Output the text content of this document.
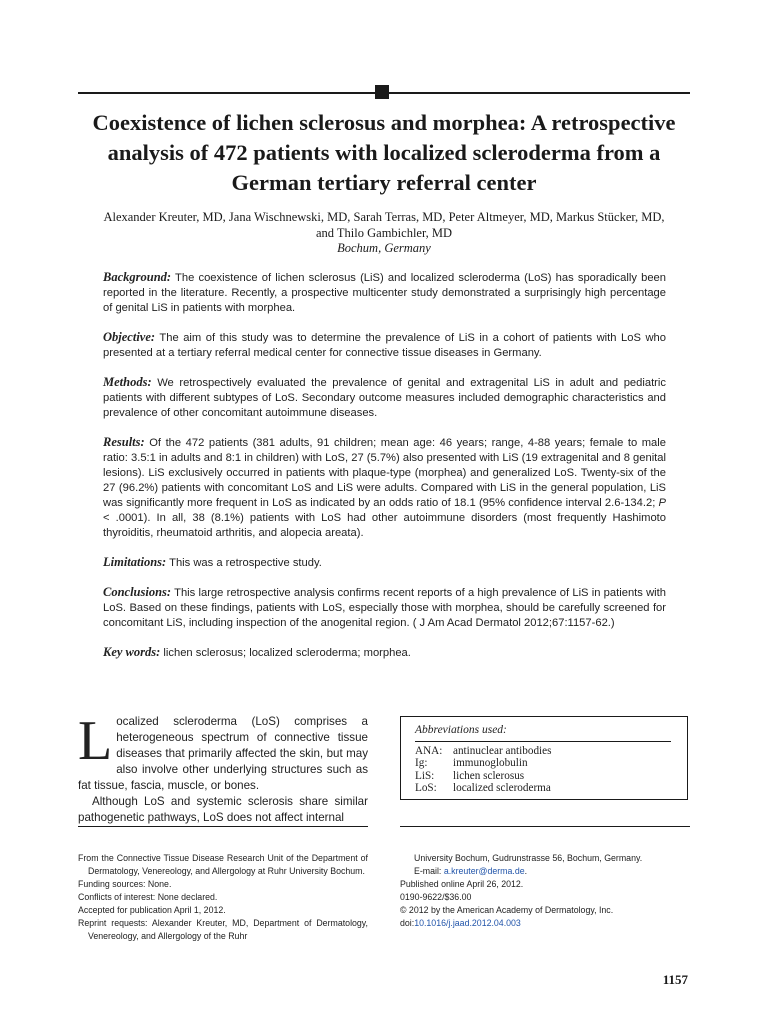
Coexistence of lichen sclerosus and morphea: A retrospective analysis of 472 patients with localized scleroderma from a German tertiary referral center
Alexander Kreuter, MD, Jana Wischnewski, MD, Sarah Terras, MD, Peter Altmeyer, MD, Markus Stücker, MD,
and Thilo Gambichler, MD
Bochum, Germany

Background: The coexistence of lichen sclerosus (LiS) and localized scleroderma (LoS) has sporadically been reported in the literature. Recently, a prospective multicenter study demonstrated a surprisingly high percentage of genital LiS in patients with morphea.

Objective: The aim of this study was to determine the prevalence of LiS in a cohort of patients with LoS who presented at a tertiary referral medical center for connective tissue diseases in Germany.

Methods: We retrospectively evaluated the prevalence of genital and extragenital LiS in adult and pediatric patients with different subtypes of LoS. Secondary outcome measures included demographic characteristics and prevalence of other concomitant autoimmune diseases.

Results: Of the 472 patients (381 adults, 91 children; mean age: 46 years; range, 4-88 years; female to male ratio: 3.5:1 in adults and 8:1 in children) with LoS, 27 (5.7%) also presented with LiS (19 extragenital and 8 genital lesions). LiS exclusively occurred in patients with plaque-type (morphea) and generalized LoS. Twenty-six of the 27 (96.2%) patients with concomitant LoS and LiS were adults. Compared with LiS in the general population, LiS was significantly more frequent in LoS as indicated by an odds ratio of 18.1 (95% confidence interval 2.6-134.2; P < .0001). In all, 38 (8.1%) patients with LoS had other autoimmune disorders (most frequently Hashimoto thyroiditis, rheumatoid arthritis, and alopecia areata).

Limitations: This was a retrospective study.

Conclusions: This large retrospective analysis confirms recent reports of a high prevalence of LiS in patients with LoS. Based on these findings, patients with LoS, especially those with morphea, should be carefully screened for concomitant LiS, including inspection of the anogenital region. ( J Am Acad Dermatol 2012;67:1157-62.)

Key words: lichen sclerosus; localized scleroderma; morphea.

Localized scleroderma (LoS) comprises a heterogeneous spectrum of connective tissue diseases that primarily affected the skin, but may also involve other underlying structures such as fat tissue, fascia, muscle, or bones.

Although LoS and systemic sclerosis share similar pathogenetic pathways, LoS does not affect internal

Abbreviations used:
ANA:	antinuclear antibodies
Ig:	immunoglobulin
LiS:	lichen sclerosus
LoS:	localized scleroderma

From the Connective Tissue Disease Research Unit of the Department of Dermatology, Venereology, and Allergology at Ruhr University Bochum.

Funding sources: None.

Conflicts of interest: None declared.

Accepted for publication April 1, 2012.

Reprint requests: Alexander Kreuter, MD, Department of Dermatology, Venereology, and Allergology of the Ruhr

University Bochum, Gudrunstrasse 56, Bochum, Germany.

E-mail: a.kreuter@derma.de.

Published online April 26, 2012.

0190-9622/$36.00

© 2012 by the American Academy of Dermatology, Inc.

doi:10.1016/j.jaad.2012.04.003

1157
